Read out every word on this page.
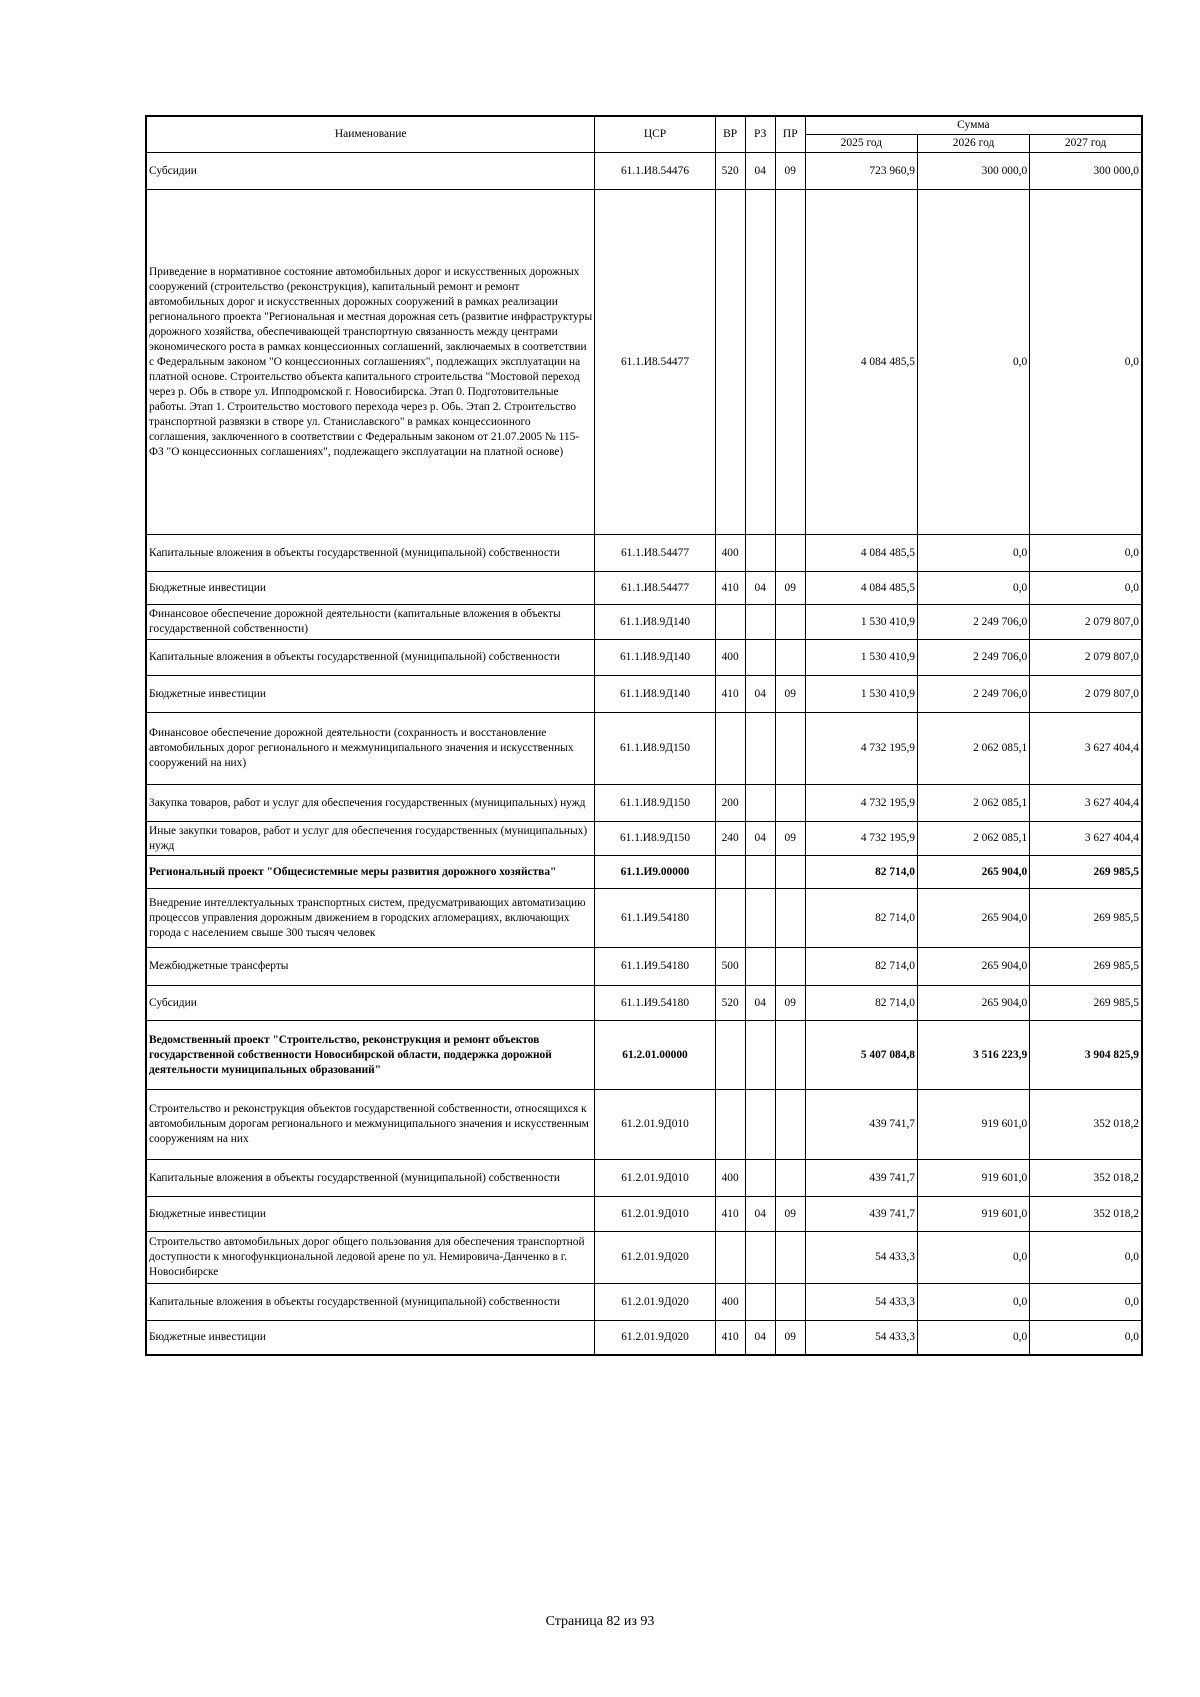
Наименование	ЦСР	ВР	РЗ	ПР	Сумма		
					2025 год	2026 год	2027 год
Субсидии	61.1.И8.54476	520	04	09	723 960,9	300 000,0	300 000,0
Приведение в нормативное состояние автомобильных дорог и искусственных дорожных сооружений (строительство (реконструкция), капитальный ремонт и ремонт автомобильных дорог и искусственных дорожных сооружений в рамках реализации регионального проекта "Региональная и местная дорожная сеть (развитие инфраструктуры дорожного хозяйства, обеспечивающей транспортную связанность между центрами экономического роста в рамках концессионных соглашений, заключаемых в соответствии с Федеральным законом "О концессионных соглашениях", подлежащих эксплуатации на платной основе. Строительство объекта капитального строительства "Мостовой переход через р. Обь в створе ул. Ипподромской г. Новосибирска. Этап 0. Подготовительные работы. Этап 1. Строительство мостового перехода через р. Обь. Этап 2. Строительство транспортной развязки в створе ул. Станиславского" в рамках концессионного соглашения, заключенного в соответствии с Федеральным законом от 21.07.2005 № 115-ФЗ "О концессионных соглашениях", подлежащего эксплуатации на платной основе)	61.1.И8.54477				4 084 485,5	0,0	0,0
Капитальные вложения в объекты государственной (муниципальной) собственности	61.1.И8.54477	400			4 084 485,5	0,0	0,0
Бюджетные инвестиции	61.1.И8.54477	410	04	09	4 084 485,5	0,0	0,0
Финансовое обеспечение дорожной деятельности (капитальные вложения в объекты государственной собственности)	61.1.И8.9Д140				1 530 410,9	2 249 706,0	2 079 807,0
Капитальные вложения в объекты государственной (муниципальной) собственности	61.1.И8.9Д140	400			1 530 410,9	2 249 706,0	2 079 807,0
Бюджетные инвестиции	61.1.И8.9Д140	410	04	09	1 530 410,9	2 249 706,0	2 079 807,0
Финансовое обеспечение дорожной деятельности (сохранность и восстановление автомобильных дорог регионального и межмуниципального значения и искусственных сооружений на них)	61.1.И8.9Д150				4 732 195,9	2 062 085,1	3 627 404,4
Закупка товаров, работ и услуг для обеспечения государственных (муниципальных) нужд	61.1.И8.9Д150	200			4 732 195,9	2 062 085,1	3 627 404,4
Иные закупки товаров, работ и услуг для обеспечения государственных (муниципальных) нужд	61.1.И8.9Д150	240	04	09	4 732 195,9	2 062 085,1	3 627 404,4
Региональный проект "Общесистемные меры развития дорожного хозяйства"	61.1.И9.00000				82 714,0	265 904,0	269 985,5
Внедрение интеллектуальных транспортных систем, предусматривающих автоматизацию процессов управления дорожным движением в городских агломерациях, включающих города с населением свыше 300 тысяч человек	61.1.И9.54180				82 714,0	265 904,0	269 985,5
Межбюджетные трансферты	61.1.И9.54180	500			82 714,0	265 904,0	269 985,5
Субсидии	61.1.И9.54180	520	04	09	82 714,0	265 904,0	269 985,5
Ведомственный проект "Строительство, реконструкция и ремонт объектов государственной собственности Новосибирской области, поддержка дорожной деятельности муниципальных образований"	61.2.01.00000				5 407 084,8	3 516 223,9	3 904 825,9
Строительство и реконструкция объектов государственной собственности, относящихся к автомобильным дорогам регионального и межмуниципального значения и искусственным сооружениям на них	61.2.01.9Д010				439 741,7	919 601,0	352 018,2
Капитальные вложения в объекты государственной (муниципальной) собственности	61.2.01.9Д010	400			439 741,7	919 601,0	352 018,2
Бюджетные инвестиции	61.2.01.9Д010	410	04	09	439 741,7	919 601,0	352 018,2
Строительство автомобильных дорог общего пользования для обеспечения транспортной доступности к многофункциональной ледовой арене по ул. Немировича-Данченко в г. Новосибирске	61.2.01.9Д020				54 433,3	0,0	0,0
Капитальные вложения в объекты государственной (муниципальной) собственности	61.2.01.9Д020	400			54 433,3	0,0	0,0
Бюджетные инвестиции	61.2.01.9Д020	410	04	09	54 433,3	0,0	0,0
Страница 82 из 93
